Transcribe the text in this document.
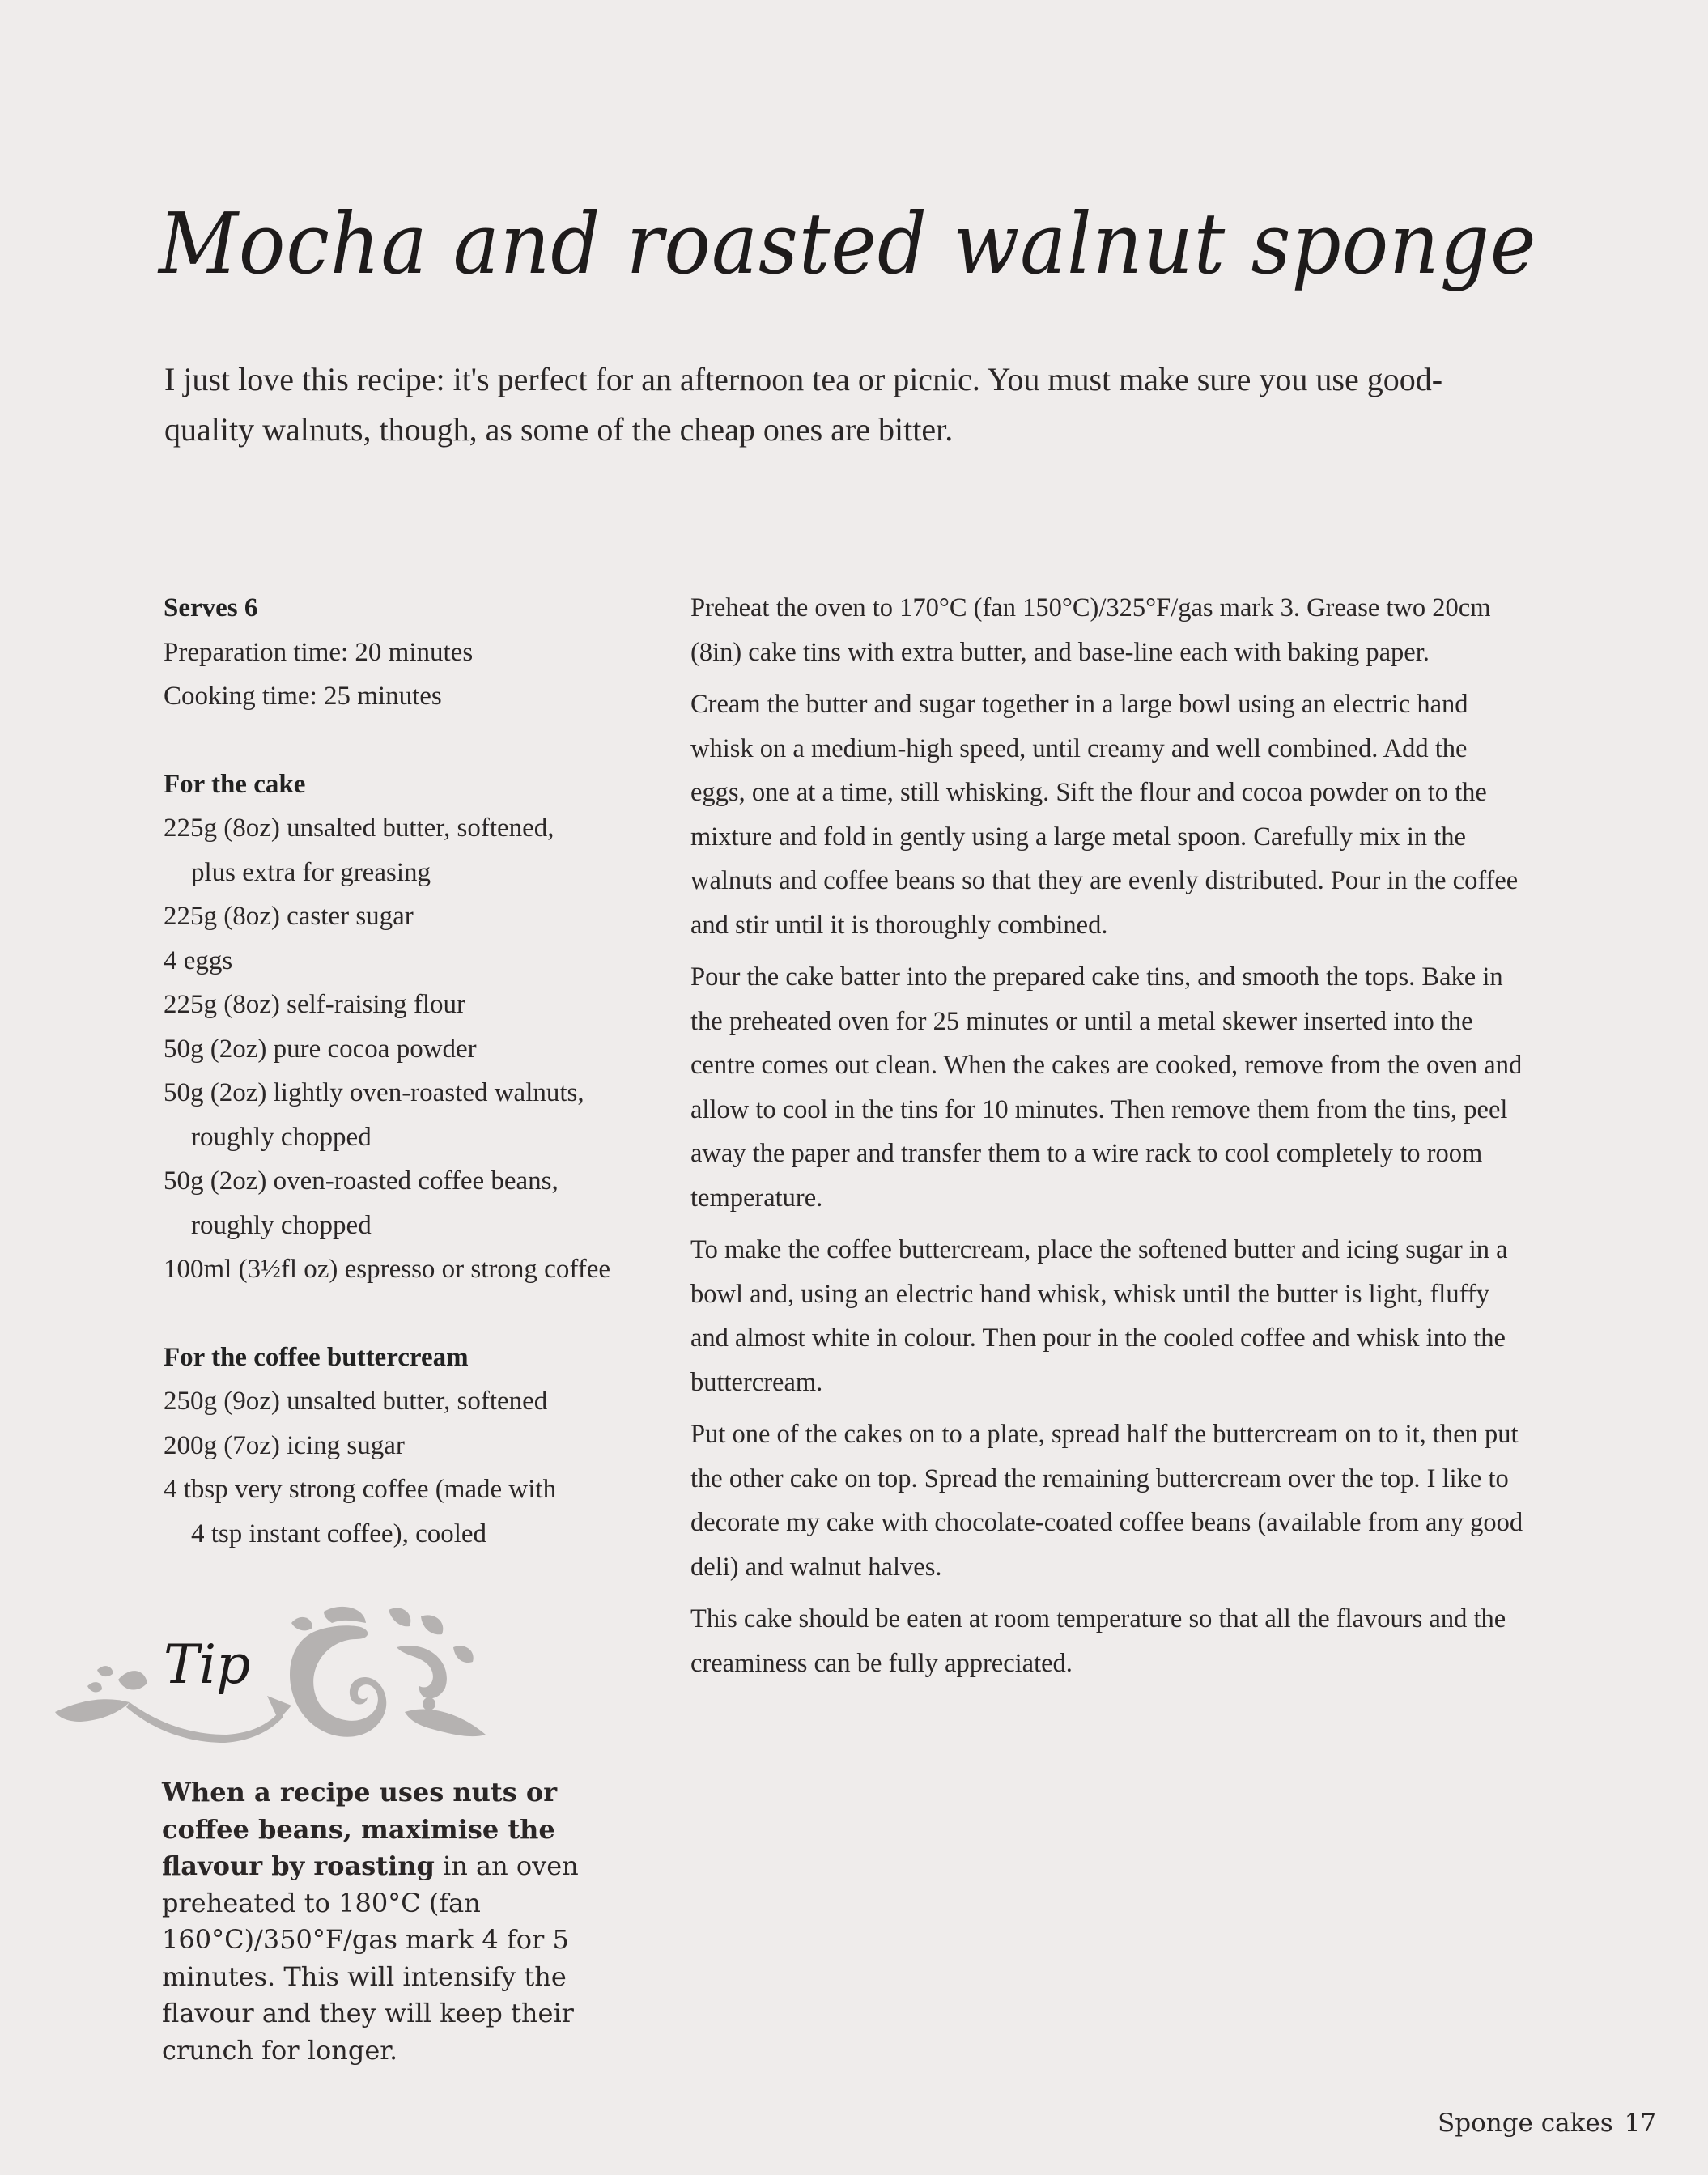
Mocha and roasted walnut sponge

I just love this recipe: it's perfect for an afternoon tea or picnic. You must make sure you use good-quality walnuts, though, as some of the cheap ones are bitter.

Serves 6
Preparation time: 20 minutes
Cooking time: 25 minutes
For the cake
225g (8oz) unsalted butter, softened,
plus extra for greasing
225g (8oz) caster sugar
4 eggs
225g (8oz) self-raising flour
50g (2oz) pure cocoa powder
50g (2oz) lightly oven-roasted walnuts,
roughly chopped
50g (2oz) oven-roasted coffee beans,
roughly chopped
100ml (3½fl oz) espresso or strong coffee
For the coffee buttercream
250g (9oz) unsalted butter, softened
200g (7oz) icing sugar
4 tbsp very strong coffee (made with
4 tsp instant coffee), cooled

Preheat the oven to 170°C (fan 150°C)/325°F/gas mark 3. Grease two 20cm (8in) cake tins with extra butter, and base-line each with baking paper.

Cream the butter and sugar together in a large bowl using an electric hand whisk on a medium-high speed, until creamy and well combined. Add the eggs, one at a time, still whisking. Sift the flour and cocoa powder on to the mixture and fold in gently using a large metal spoon. Carefully mix in the walnuts and coffee beans so that they are evenly distributed. Pour in the coffee and stir until it is thoroughly combined.

Pour the cake batter into the prepared cake tins, and smooth the tops. Bake in the preheated oven for 25 minutes or until a metal skewer inserted into the centre comes out clean. When the cakes are cooked, remove from the oven and allow to cool in the tins for 10 minutes. Then remove them from the tins, peel away the paper and transfer them to a wire rack to cool completely to room temperature.

To make the coffee buttercream, place the softened butter and icing sugar in a bowl and, using an electric hand whisk, whisk until the butter is light, fluffy and almost white in colour. Then pour in the cooled coffee and whisk into the buttercream.

Put one of the cakes on to a plate, spread half the buttercream on to it, then put the other cake on top. Spread the remaining buttercream over the top. I like to decorate my cake with chocolate-coated coffee beans (available from any good deli) and walnut halves.

This cake should be eaten at room temperature so that all the flavours and the creaminess can be fully appreciated.

Tip

When a recipe uses nuts or coffee beans, maximise the flavour by roasting in an oven preheated to 180°C (fan 160°C)/350°F/gas mark 4 for 5 minutes. This will intensify the flavour and they will keep their crunch for longer.

Sponge cakes 17
